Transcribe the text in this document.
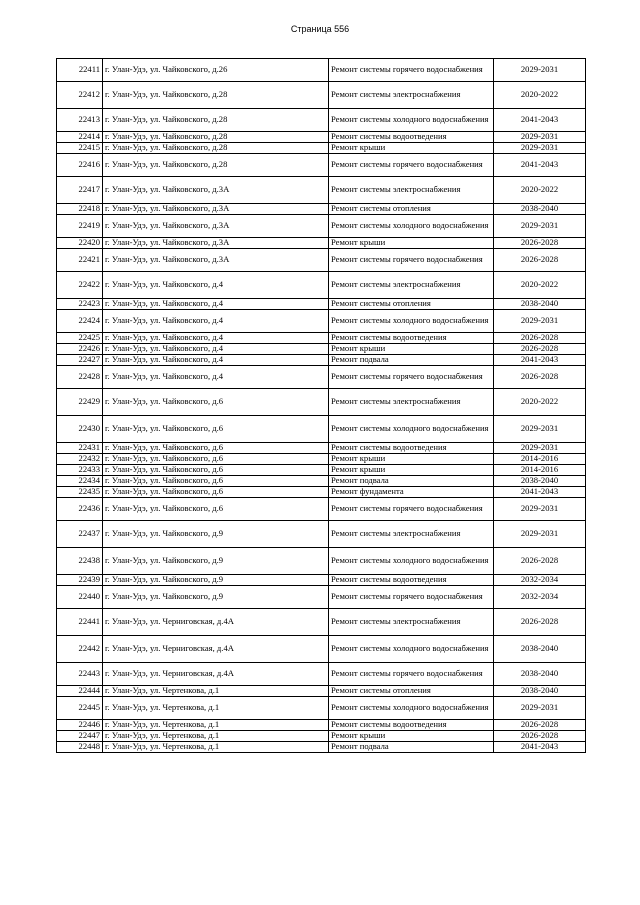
Страница 556
22411	г. Улан-Удэ, ул. Чайковского, д.26	Ремонт системы горячего водоснабжения	2029-2031
22412	г. Улан-Удэ, ул. Чайковского, д.28	Ремонт системы электроснабжения	2020-2022
22413	г. Улан-Удэ, ул. Чайковского, д.28	Ремонт системы холодного водоснабжения	2041-2043
22414	г. Улан-Удэ, ул. Чайковского, д.28	Ремонт системы водоотведения	2029-2031
22415	г. Улан-Удэ, ул. Чайковского, д.28	Ремонт крыши	2029-2031
22416	г. Улан-Удэ, ул. Чайковского, д.28	Ремонт системы горячего водоснабжения	2041-2043
22417	г. Улан-Удэ, ул. Чайковского, д.3А	Ремонт системы электроснабжения	2020-2022
22418	г. Улан-Удэ, ул. Чайковского, д.3А	Ремонт системы отопления	2038-2040
22419	г. Улан-Удэ, ул. Чайковского, д.3А	Ремонт системы холодного водоснабжения	2029-2031
22420	г. Улан-Удэ, ул. Чайковского, д.3А	Ремонт крыши	2026-2028
22421	г. Улан-Удэ, ул. Чайковского, д.3А	Ремонт системы горячего водоснабжения	2026-2028
22422	г. Улан-Удэ, ул. Чайковского, д.4	Ремонт системы электроснабжения	2020-2022
22423	г. Улан-Удэ, ул. Чайковского, д.4	Ремонт системы отопления	2038-2040
22424	г. Улан-Удэ, ул. Чайковского, д.4	Ремонт системы холодного водоснабжения	2029-2031
22425	г. Улан-Удэ, ул. Чайковского, д.4	Ремонт системы водоотведения	2026-2028
22426	г. Улан-Удэ, ул. Чайковского, д.4	Ремонт крыши	2026-2028
22427	г. Улан-Удэ, ул. Чайковского, д.4	Ремонт подвала	2041-2043
22428	г. Улан-Удэ, ул. Чайковского, д.4	Ремонт системы горячего водоснабжения	2026-2028
22429	г. Улан-Удэ, ул. Чайковского, д.6	Ремонт системы электроснабжения	2020-2022
22430	г. Улан-Удэ, ул. Чайковского, д.6	Ремонт системы холодного водоснабжения	2029-2031
22431	г. Улан-Удэ, ул. Чайковского, д.6	Ремонт системы водоотведения	2029-2031
22432	г. Улан-Удэ, ул. Чайковского, д.6	Ремонт крыши	2014-2016
22433	г. Улан-Удэ, ул. Чайковского, д.6	Ремонт крыши	2014-2016
22434	г. Улан-Удэ, ул. Чайковского, д.6	Ремонт подвала	2038-2040
22435	г. Улан-Удэ, ул. Чайковского, д.6	Ремонт фундамента	2041-2043
22436	г. Улан-Удэ, ул. Чайковского, д.6	Ремонт системы горячего водоснабжения	2029-2031
22437	г. Улан-Удэ, ул. Чайковского, д.9	Ремонт системы электроснабжения	2029-2031
22438	г. Улан-Удэ, ул. Чайковского, д.9	Ремонт системы холодного водоснабжения	2026-2028
22439	г. Улан-Удэ, ул. Чайковского, д.9	Ремонт системы водоотведения	2032-2034
22440	г. Улан-Удэ, ул. Чайковского, д.9	Ремонт системы горячего водоснабжения	2032-2034
22441	г. Улан-Удэ, ул. Черниговская, д.4А	Ремонт системы электроснабжения	2026-2028
22442	г. Улан-Удэ, ул. Черниговская, д.4А	Ремонт системы холодного водоснабжения	2038-2040
22443	г. Улан-Удэ, ул. Черниговская, д.4А	Ремонт системы горячего водоснабжения	2038-2040
22444	г. Улан-Удэ, ул. Чертенкова, д.1	Ремонт системы отопления	2038-2040
22445	г. Улан-Удэ, ул. Чертенкова, д.1	Ремонт системы холодного водоснабжения	2029-2031
22446	г. Улан-Удэ, ул. Чертенкова, д.1	Ремонт системы водоотведения	2026-2028
22447	г. Улан-Удэ, ул. Чертенкова, д.1	Ремонт крыши	2026-2028
22448	г. Улан-Удэ, ул. Чертенкова, д.1	Ремонт подвала	2041-2043
